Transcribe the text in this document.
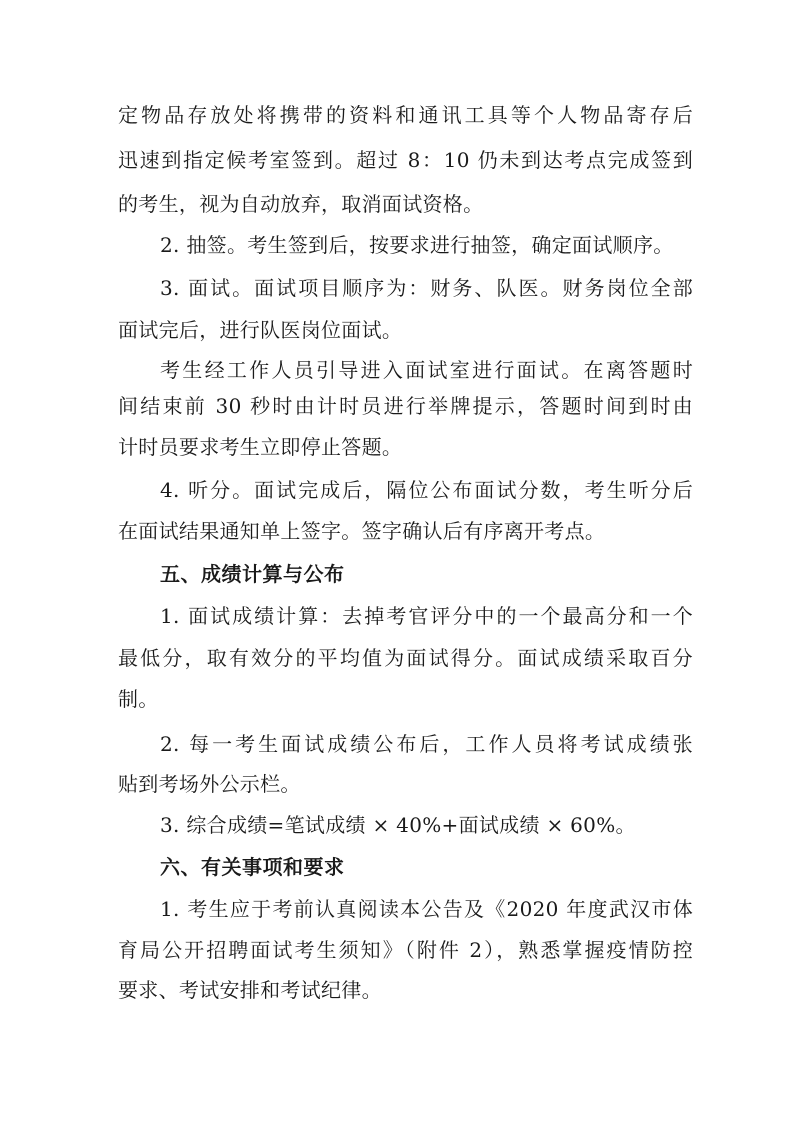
定物品存放处将携带的资料和通讯工具等个人物品寄存后

迅速到指定候考室签到。超过 8：10 仍未到达考点完成签到

的考生，视为自动放弃，取消面试资格。

2. 抽签。考生签到后，按要求进行抽签，确定面试顺序。

3. 面试。面试项目顺序为：财务、队医。财务岗位全部

面试完后，进行队医岗位面试。

考生经工作人员引导进入面试室进行面试。在离答题时

间结束前 30 秒时由计时员进行举牌提示，答题时间到时由

计时员要求考生立即停止答题。

4. 听分。面试完成后，隔位公布面试分数，考生听分后

在面试结果通知单上签字。签字确认后有序离开考点。

五、成绩计算与公布

1. 面试成绩计算：去掉考官评分中的一个最高分和一个

最低分，取有效分的平均值为面试得分。面试成绩采取百分

制。

2. 每一考生面试成绩公布后，工作人员将考试成绩张

贴到考场外公示栏。

3. 综合成绩=笔试成绩 × 40%+面试成绩 × 60%。

六、有关事项和要求

1. 考生应于考前认真阅读本公告及《2020 年度武汉市体

育局公开招聘面试考生须知》（附件 2），熟悉掌握疫情防控

要求、考试安排和考试纪律。
